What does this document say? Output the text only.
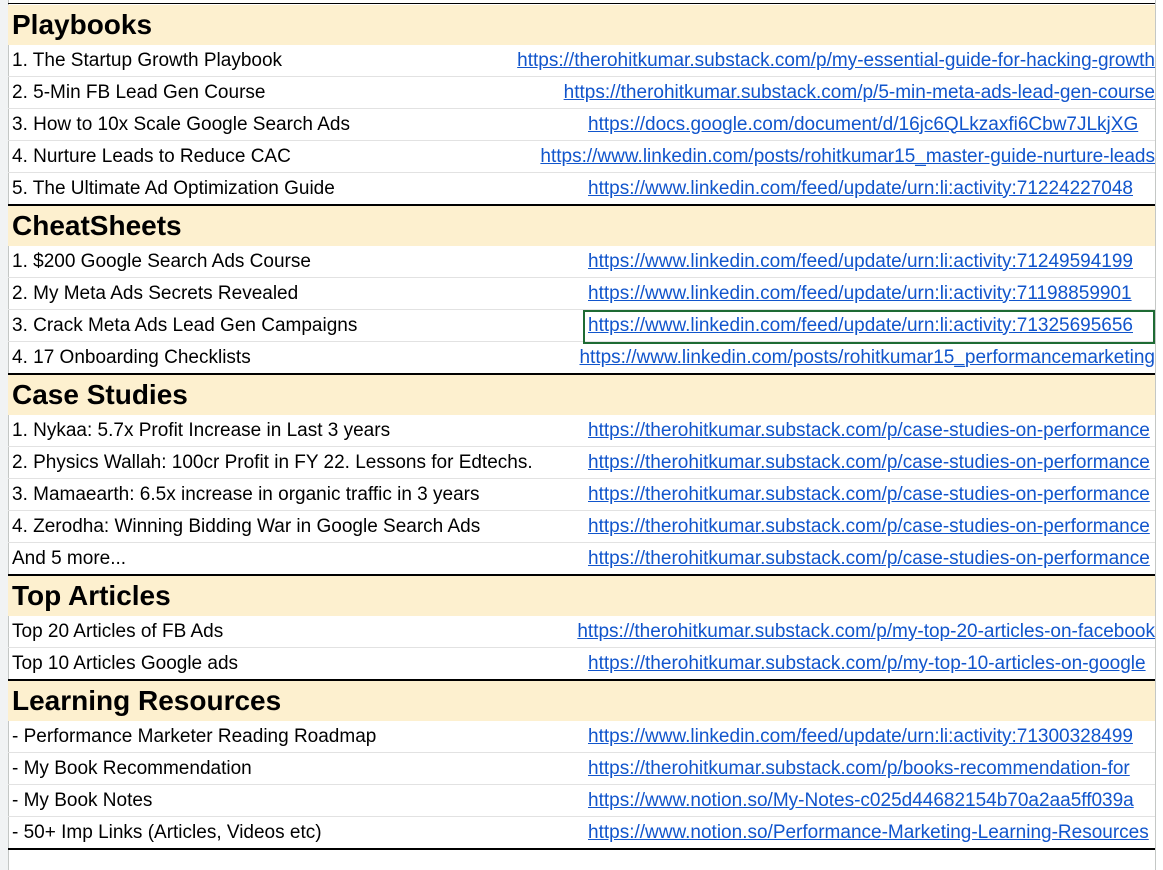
Playbooks
1. The Startup Growth Playbook	https://therohitkumar.substack.com/p/my-essential-guide-for-hacking-growth
2. 5-Min FB Lead Gen Course	https://therohitkumar.substack.com/p/5-min-meta-ads-lead-gen-course
3. How to 10x Scale Google Search Ads	https://docs.google.com/document/d/16jc6QLkzaxfi6Cbw7JLkjXG
4. Nurture Leads to Reduce CAC	https://www.linkedin.com/posts/rohitkumar15_master-guide-nurture-leads
5. The Ultimate Ad Optimization Guide	https://www.linkedin.com/feed/update/urn:li:activity:71224227048
CheatSheets
1. $200 Google Search Ads Course	https://www.linkedin.com/feed/update/urn:li:activity:71249594199
2. My Meta Ads Secrets Revealed	https://www.linkedin.com/feed/update/urn:li:activity:71198859901
3. Crack Meta Ads Lead Gen Campaigns	https://www.linkedin.com/feed/update/urn:li:activity:71325695656
4. 17 Onboarding Checklists	https://www.linkedin.com/posts/rohitkumar15_performancemarketing
Case Studies
1. Nykaa: 5.7x Profit Increase in Last 3 years	https://therohitkumar.substack.com/p/case-studies-on-performance
2. Physics Wallah: 100cr Profit in FY 22. Lessons for Edtechs.	https://therohitkumar.substack.com/p/case-studies-on-performance
3. Mamaearth: 6.5x increase in organic traffic in 3 years	https://therohitkumar.substack.com/p/case-studies-on-performance
4. Zerodha: Winning Bidding War in Google Search Ads	https://therohitkumar.substack.com/p/case-studies-on-performance
And 5 more...	https://therohitkumar.substack.com/p/case-studies-on-performance
Top Articles
Top 20 Articles of FB Ads	https://therohitkumar.substack.com/p/my-top-20-articles-on-facebook
Top 10 Articles Google ads	https://therohitkumar.substack.com/p/my-top-10-articles-on-google
Learning Resources
- Performance Marketer Reading Roadmap	https://www.linkedin.com/feed/update/urn:li:activity:71300328499
- My Book Recommendation	https://therohitkumar.substack.com/p/books-recommendation-for
- My Book Notes	https://www.notion.so/My-Notes-c025d44682154b70a2aa5ff039a
- 50+ Imp Links (Articles, Videos etc)	https://www.notion.so/Performance-Marketing-Learning-Resources
